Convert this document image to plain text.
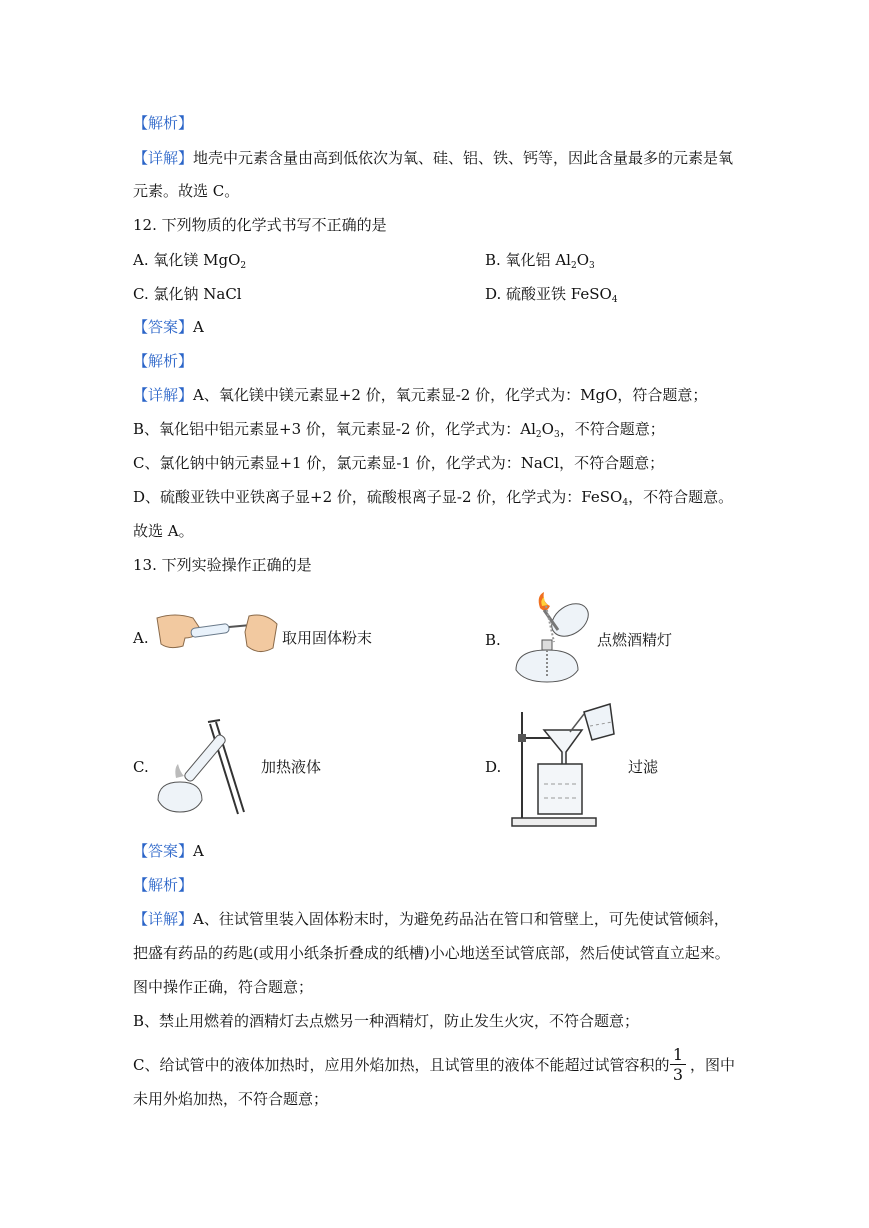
【解析】
【详解】地壳中元素含量由高到低依次为氧、硅、铝、铁、钙等，因此含量最多的元素是氧
元素。故选 C。
12. 下列物质的化学式书写不正确的是
A. 氧化镁 MgO$_2$	B. 氧化铝 $Al_2O_3$
C. 氯化钠 NaCl	D. 硫酸亚铁 FeSO$_4$
【答案】A
【解析】
【详解】A、氧化镁中镁元素显+2 价，氧元素显-2 价，化学式为：MgO，符合题意；
B、氧化铝中铝元素显+3 价，氧元素显-2 价，化学式为：$Al_2O_3$，不符合题意；
C、氯化钠中钠元素显+1 价，氯元素显-1 价，化学式为：NaCl，不符合题意；
D、硫酸亚铁中亚铁离子显+2 价，硫酸根离子显-2 价，化学式为：FeSO$_4$，不符合题意。
故选 A。
13. 下列实验操作正确的是
A.	取用固体粉末	B.	点燃酒精灯
C.	加热液体	D.	过滤
【答案】A
【解析】
【详解】A、往试管里装入固体粉末时，为避免药品沾在管口和管壁上，可先使试管倾斜，
把盛有药品的药匙(或用小纸条折叠成的纸槽)小心地送至试管底部，然后使试管直立起来。
图中操作正确，符合题意；
B、禁止用燃着的酒精灯去点燃另一种酒精灯，防止发生火灾，不符合题意；
C、给试管中的液体加热时，应用外焰加热，且试管里的液体不能超过试管容积的
1
3 ，图中
未用外焰加热，不符合题意；
